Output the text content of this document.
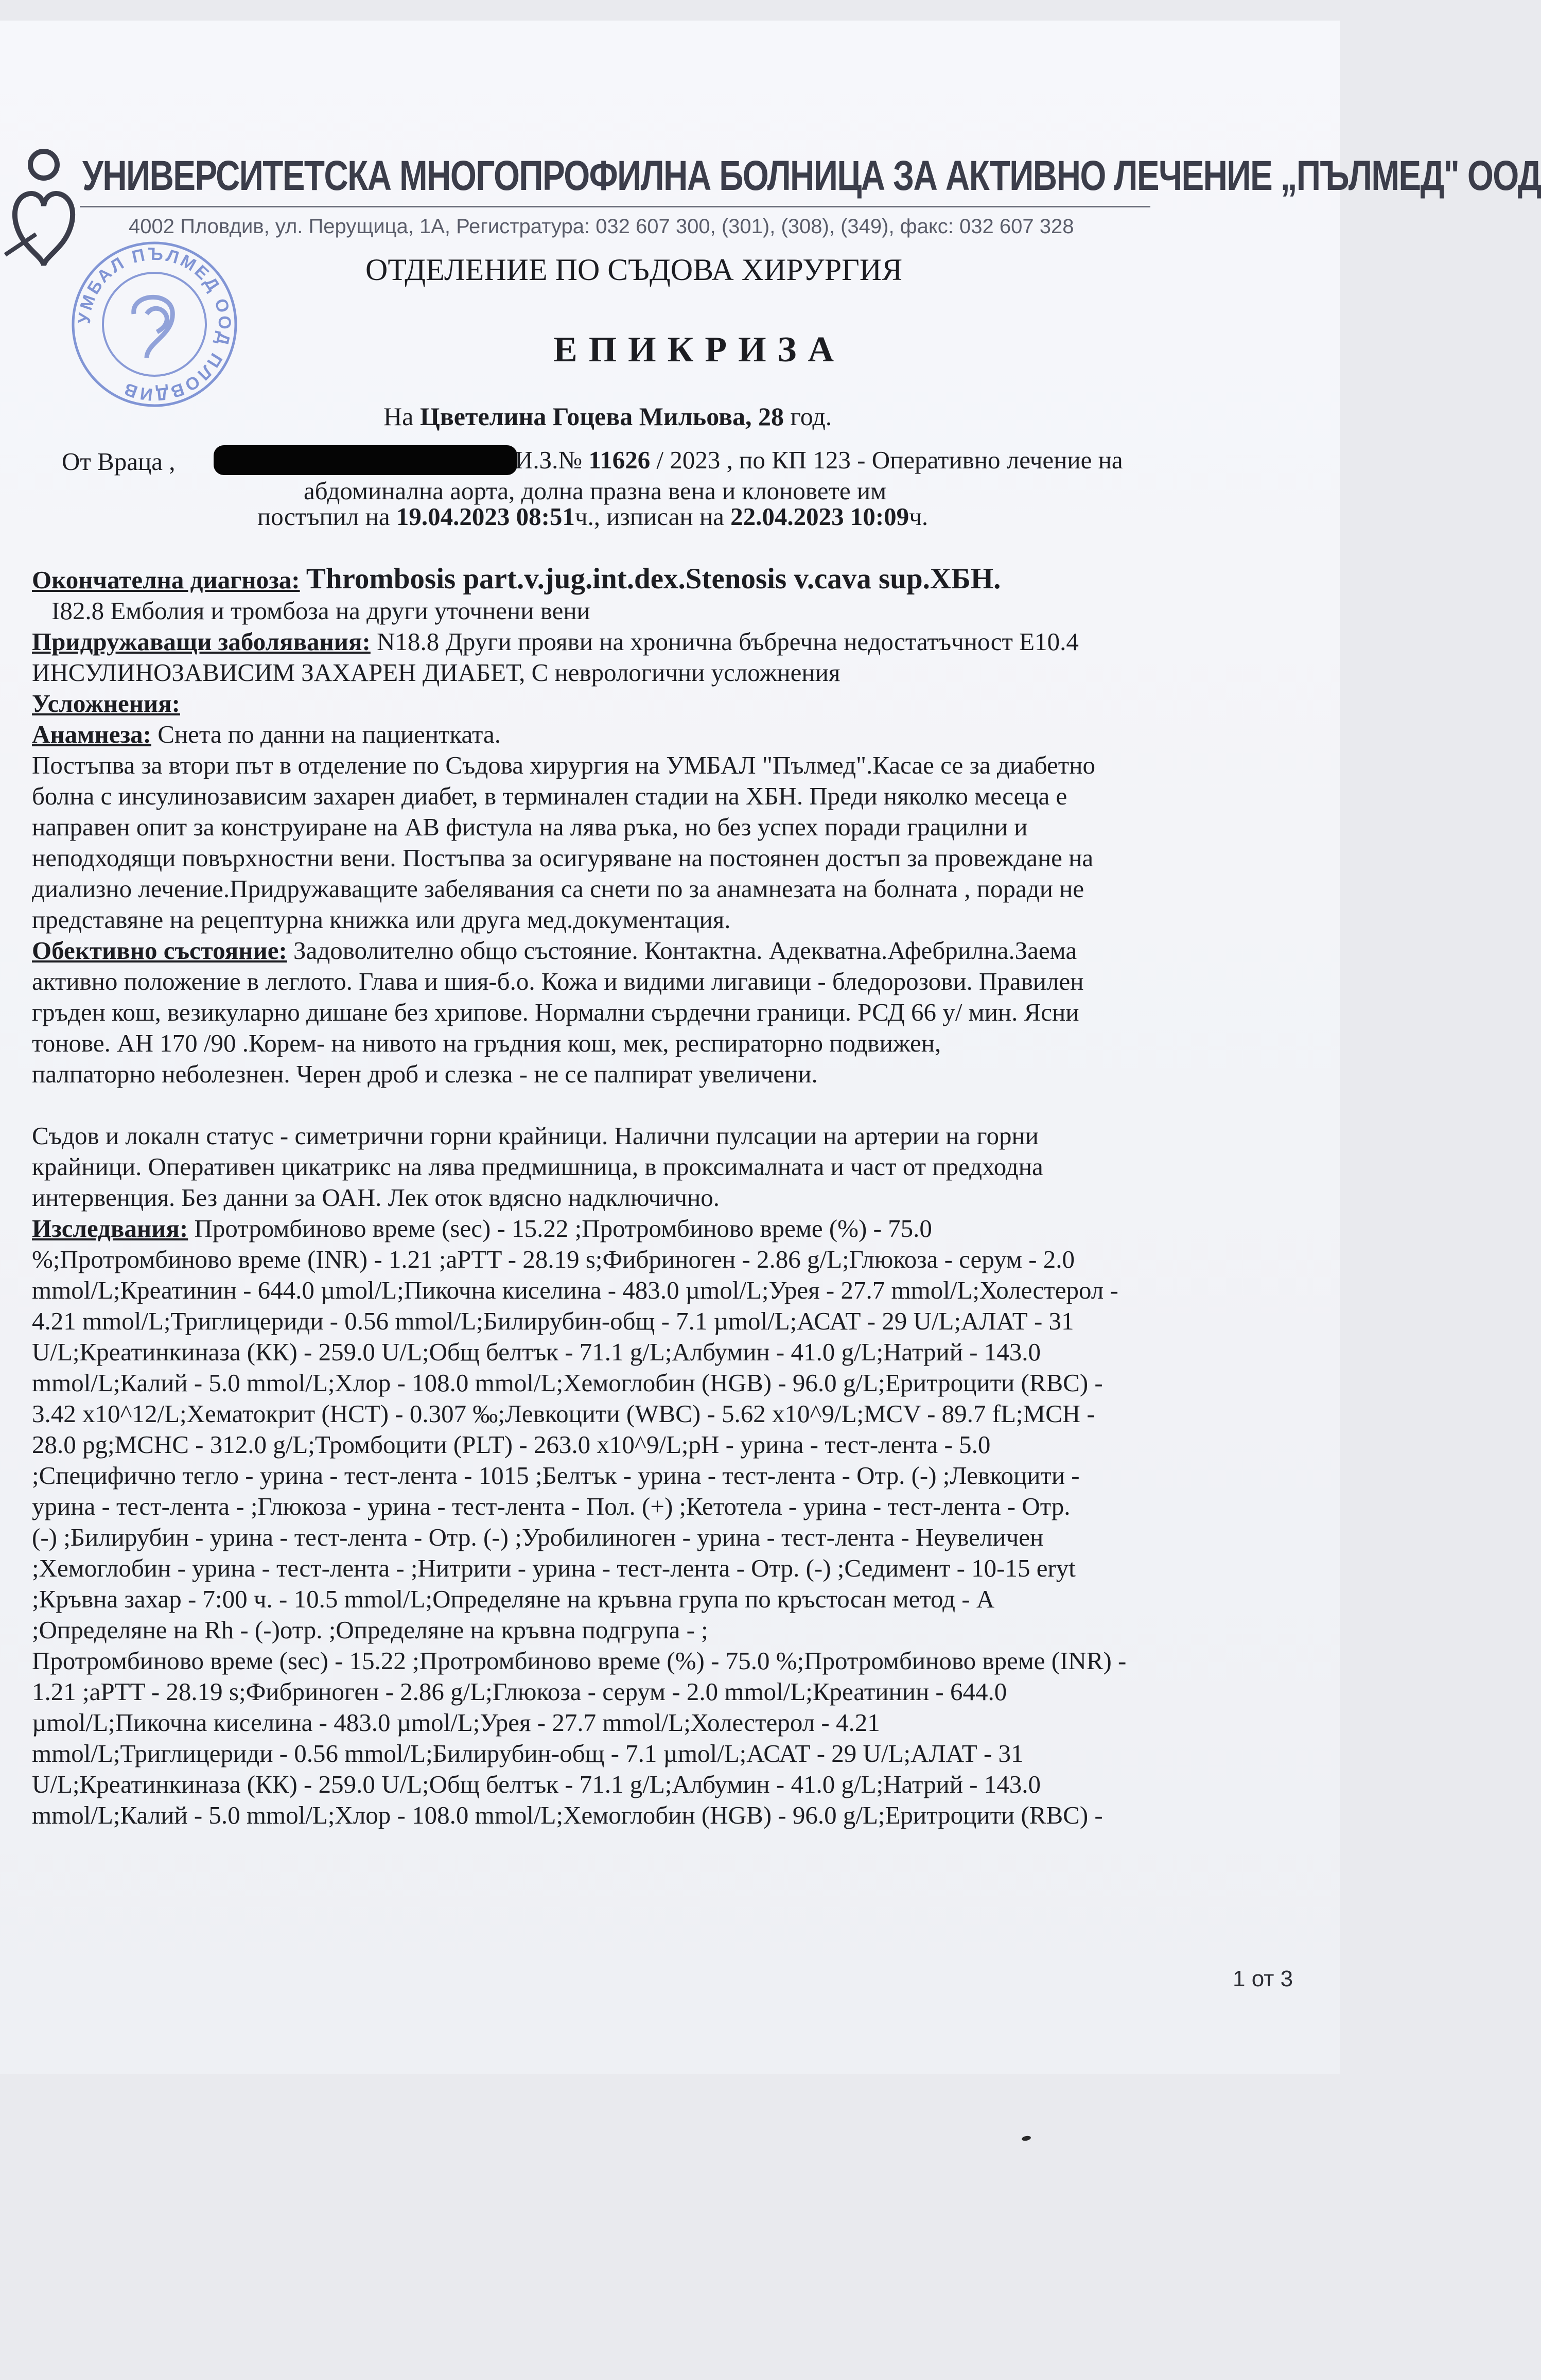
УНИВЕРСИТЕТСКА МНОГОПРОФИЛНА БОЛНИЦА ЗА АКТИВНО ЛЕЧЕНИЕ „ПЪЛМЕД" ООД
4002 Пловдив, ул. Перущица, 1А, Регистратура: 032 607 300, (301), (308), (349), факс: 032 607 328
УМБАЛ ПЪЛМЕД ООД ПЛОВДИВ
ОТДЕЛЕНИЕ ПО СЪДОВА ХИРУРГИЯ
ЕПИКРИЗА
На Цветелина Гоцева Мильова, 28 год.
От Враца ,	И.З.№ 11626 / 2023 , по КП 123 - Оперативно лечение на
абдоминална аорта, долна празна вена и клоновете им
постъпил на 19.04.2023 08:51ч., изписан на 22.04.2023 10:09ч.
Окончателна диагноза: Thrombosis part.v.jug.int.dex.Stenosis v.cava sup.ХБН.
I82.8 Емболия и тромбоза на други уточнени вени
Придружаващи заболявания: N18.8 Други прояви на хронична бъбречна недостатъчност E10.4
ИНСУЛИНОЗАВИСИМ ЗАХАРЕН ДИАБЕТ, С неврологични усложнения
Усложнения:
Анамнеза: Снета по данни на пациентката.
Постъпва за втори път в отделение по Съдова хирургия на УМБАЛ "Пълмед".Касае се за диабетно
болна с инсулинозависим захарен диабет, в терминален стадии на ХБН. Преди няколко месеца е
направен опит за конструиране на АВ фистула на лява ръка, но без успех поради грацилни и
неподходящи повърхностни вени. Постъпва за осигуряване на постоянен достъп за провеждане на
диализно лечение.Придружаващите забелявания са снети по за анамнезата на болната , поради не
представяне на рецептурна книжка или друга мед.документация.
Обективно състояние: Задоволително общо състояние. Контактна. Адекватна.Афебрилна.Заема
активно положение в леглото. Глава и шия-б.о. Кожа и видими лигавици - бледорозови. Правилен
гръден кош, везикуларно дишане без хрипове. Нормални сърдечни граници. РСД 66 у/ мин. Ясни
тонове. АН 170 /90 .Корем- на нивото на гръдния кош, мек, респираторно подвижен,
палпаторно неболезнен. Черен дроб и слезка - не се палпират увеличени.
Съдов и локалн статус - симетрични горни крайници. Налични пулсации на артерии на горни
крайници. Оперативен цикатрикс на лява предмишница, в проксималната и част от предходна
интервенция. Без данни за ОАН. Лек оток вдясно надключично.
Изследвания: Протромбиново време (sec) - 15.22 ;Протромбиново време (%) - 75.0
%;Протромбиново време (INR) - 1.21 ;aPTT - 28.19 s;Фибриноген - 2.86 g/L;Глюкоза - серум - 2.0
mmol/L;Креатинин - 644.0 µmol/L;Пикочна киселина - 483.0 µmol/L;Урея - 27.7 mmol/L;Холестерол -
4.21 mmol/L;Триглицериди - 0.56 mmol/L;Билирубин-общ - 7.1 µmol/L;АСАТ - 29 U/L;АЛАТ - 31
U/L;Креатинкиназа (КК) - 259.0 U/L;Общ белтък - 71.1 g/L;Албумин - 41.0 g/L;Натрий - 143.0
mmol/L;Калий - 5.0 mmol/L;Хлор - 108.0 mmol/L;Хемоглобин (HGB) - 96.0 g/L;Еритроцити (RBC) -
3.42 x10^12/L;Хематокрит (HCT) - 0.307 ‰;Левкоцити (WBC) - 5.62 x10^9/L;MCV - 89.7 fL;MCH -
28.0 pg;MCHC - 312.0 g/L;Тромбоцити (PLT) - 263.0 x10^9/L;pH - урина - тест-лента - 5.0
;Специфично тегло - урина - тест-лента - 1015 ;Белтък - урина - тест-лента - Отр. (-) ;Левкоцити -
урина - тест-лента - ;Глюкоза - урина - тест-лента - Пол. (+) ;Кетотела - урина - тест-лента - Отр.
(-) ;Билирубин - урина - тест-лента - Отр. (-) ;Уробилиноген - урина - тест-лента - Неувеличен
;Хемоглобин - урина - тест-лента - ;Нитрити - урина - тест-лента - Отр. (-) ;Седимент - 10-15 eryt
;Кръвна захар - 7:00 ч. - 10.5 mmol/L;Определяне на кръвна група по кръстосан метод - А
;Определяне на Rh - (-)отр. ;Определяне на кръвна подгрупа - ;
Протромбиново време (sec) - 15.22 ;Протромбиново време (%) - 75.0 %;Протромбиново време (INR) -
1.21 ;aPTT - 28.19 s;Фибриноген - 2.86 g/L;Глюкоза - серум - 2.0 mmol/L;Креатинин - 644.0
µmol/L;Пикочна киселина - 483.0 µmol/L;Урея - 27.7 mmol/L;Холестерол - 4.21
mmol/L;Триглицериди - 0.56 mmol/L;Билирубин-общ - 7.1 µmol/L;АСАТ - 29 U/L;АЛАТ - 31
U/L;Креатинкиназа (КК) - 259.0 U/L;Общ белтък - 71.1 g/L;Албумин - 41.0 g/L;Натрий - 143.0
mmol/L;Калий - 5.0 mmol/L;Хлор - 108.0 mmol/L;Хемоглобин (HGB) - 96.0 g/L;Еритроцити (RBC) -
1 от 3
